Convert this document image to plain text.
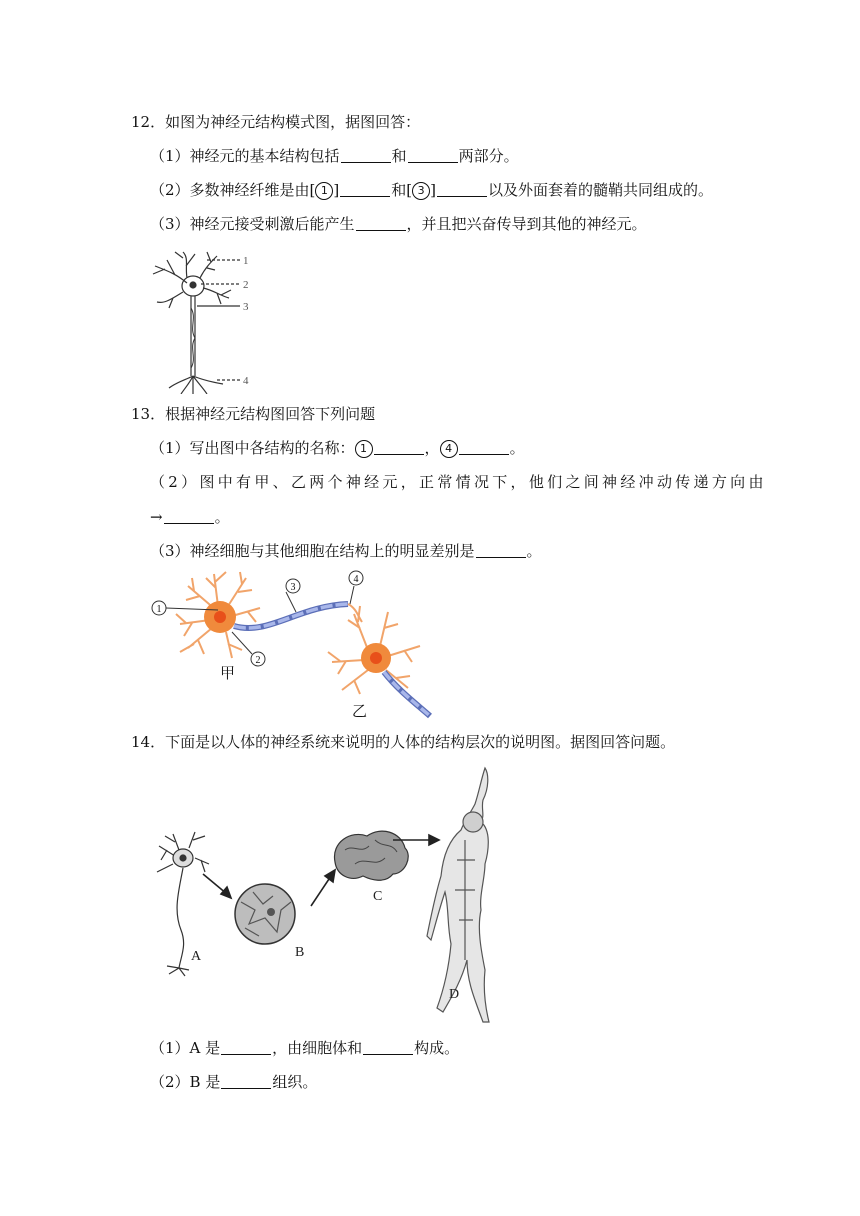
12．如图为神经元结构模式图，据图回答：
（1）神经元的基本结构包括	和	两部分。
（2）多数神经纤维是由[ 1 ]	和[ 3 ]	以及外面套着的髓鞘共同组成的。
（3）神经元接受刺激后能产生	，并且把兴奋传导到其他的神经元。
1
2
3
4
13．根据神经元结构图回答下列问题
（1）写出图中各结构的名称： 1	， 4	。
（2）图中有甲、乙两个神经元，正常情况下，他们之间神经冲动传递方向由
→	。
（3）神经细胞与其他细胞在结构上的明显差别是	。
1
2
3
4
甲
乙
14．下面是以人体的神经系统来说明的人体的结构层次的说明图。据图回答问题。
A	B
C
D
（1）A 是	，由细胞体和	构成。
（2）B 是	组织。
